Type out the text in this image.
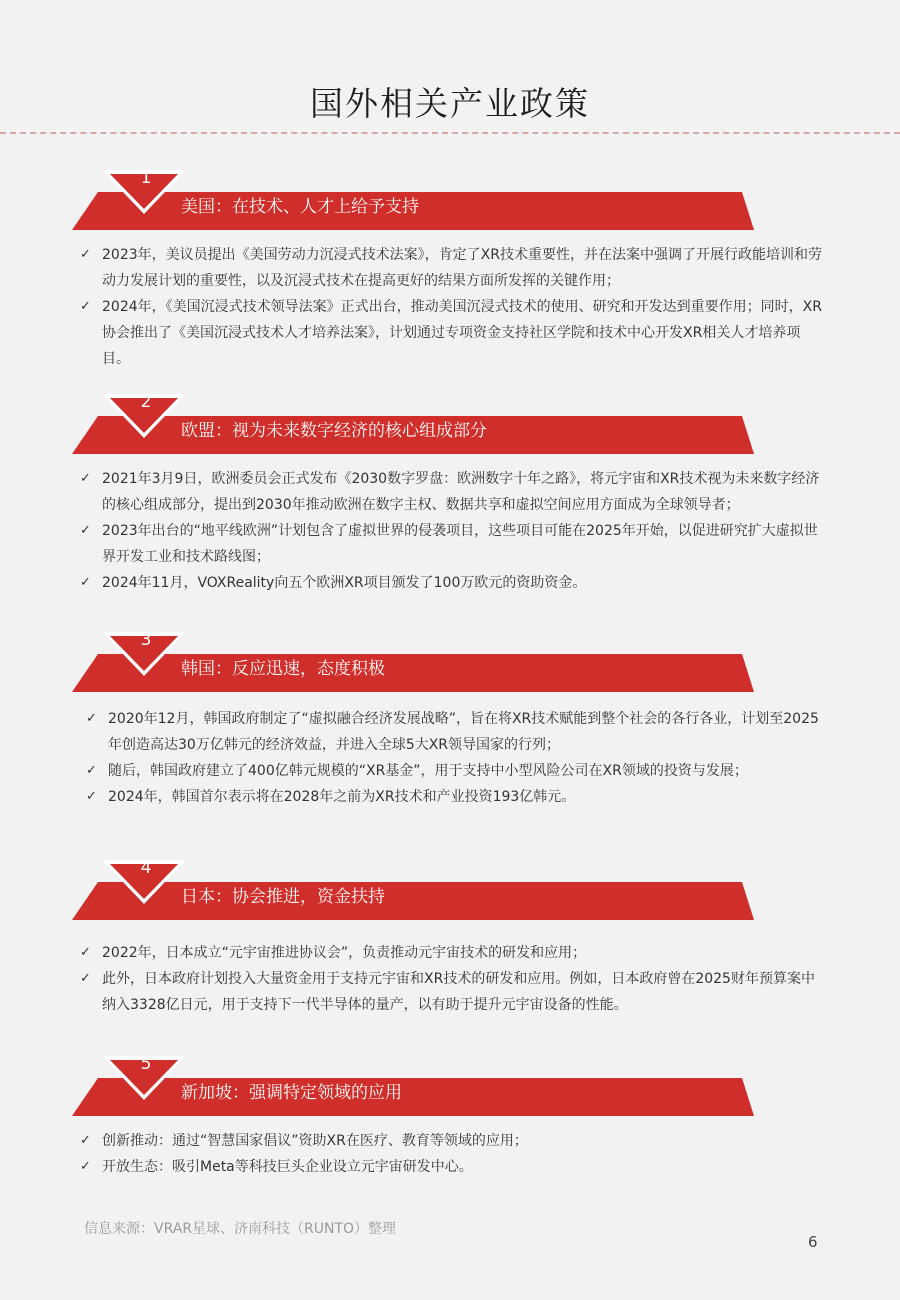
国外相关产业政策
1
美国：在技术、人才上给予支持
✓ 2023年，美议员提出《美国劳动力沉浸式技术法案》，肯定了XR技术重要性，并在法案中强调了开展行政能培训和劳动力发展计划的重要性，以及沉浸式技术在提高更好的结果方面所发挥的关键作用；
✓ 2024年，《美国沉浸式技术领导法案》正式出台，推动美国沉浸式技术的使用、研究和开发达到重要作用；同时，XR协会推出了《美国沉浸式技术人才培养法案》，计划通过专项资金支持社区学院和技术中心开发XR相关人才培养项目。
2
欧盟：视为未来数字经济的核心组成部分
✓ 2021年3月9日，欧洲委员会正式发布《2030数字罗盘：欧洲数字十年之路》，将元宇宙和XR技术视为未来数字经济的核心组成部分，提出到2030年推动欧洲在数字主权、数据共享和虚拟空间应用方面成为全球领导者；
✓ 2023年出台的“地平线欧洲”计划包含了虚拟世界的侵袭项目，这些项目可能在2025年开始，以促进研究扩大虚拟世界开发工业和技术路线图；
✓ 2024年11月，VOXReality向五个欧洲XR项目颁发了100万欧元的资助资金。
3
韩国：反应迅速，态度积极
✓ 2020年12月，韩国政府制定了“虚拟融合经济发展战略”，旨在将XR技术赋能到整个社会的各行各业，计划至2025年创造高达30万亿韩元的经济效益，并进入全球5大XR领导国家的行列；
✓ 随后，韩国政府建立了400亿韩元规模的“XR基金”，用于支持中小型风险公司在XR领域的投资与发展；
✓ 2024年，韩国首尔表示将在2028年之前为XR技术和产业投资193亿韩元。
4
日本：协会推进，资金扶持
✓ 2022年，日本成立“元宇宙推进协议会”，负责推动元宇宙技术的研发和应用；
✓ 此外，日本政府计划投入大量资金用于支持元宇宙和XR技术的研发和应用。例如，日本政府曾在2025财年预算案中纳入3328亿日元，用于支持下一代半导体的量产，以有助于提升元宇宙设备的性能。
5
新加坡：强调特定领域的应用
✓ 创新推动：通过“智慧国家倡议”资助XR在医疗、教育等领域的应用；
✓ 开放生态：吸引Meta等科技巨头企业设立元宇宙研发中心。
信息来源：VRAR星球、济南科技（RUNTO）整理
6
